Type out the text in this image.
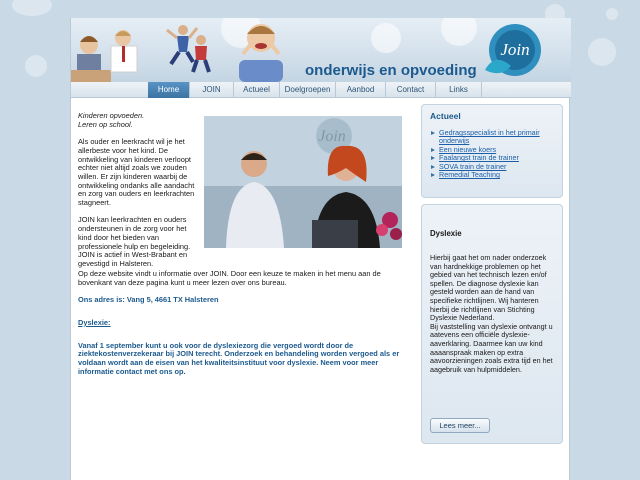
onderwijs en opvoeding
Join
Home	JOIN	Actueel	Doelgroepen	Aanbod	Contact	Links

Kinderen opvoeden.
Leren op school.

Als ouder en leerkracht wil je het allerbeste voor het kind. De ontwikkeling van kinderen verloopt echter niet altijd zoals we zouden willen. Er zijn kinderen waarbij de ontwikkeling ondanks alle aandacht en zorg van ouders en leerkrachten stagneert.

JOIN kan leerkrachten en ouders ondersteunen in de zorg voor het kind door het bieden van professionele hulp en begeleiding. JOIN is actief in West-Brabant en gevestigd in Halsteren.

Join

Op deze website vindt u informatie over JOIN. Door een keuze te maken in het menu aan de bovenkant van deze pagina kunt u meer lezen over ons bureau.

Ons adres is: Vang 5, 4661 TX Halsteren

Dyslexie:

Vanaf 1 september kunt u ook voor de dyslexiezorg die vergoed wordt door de ziektekostenverzekeraar bij JOIN terecht. Onderzoek en behandeling worden vergoed als er voldaan wordt aan de eisen van het kwaliteitsinstituut voor dyslexie. Neem voor meer informatie contact met ons op.

Actueel
Gedragsspecialist in het primair onderwijs
Een nieuwe koers
Faalangst train de trainer
SOVA train de trainer
Remedial Teaching
Dyslexie

Hierbij gaat het om nader onderzoek van hardnekkige problemen op het gebied van het technisch lezen en/of spellen. De diagnose dyslexie kan gesteld worden aan de hand van specifieke richtlijnen. Wij hanteren hierbij de richtlijnen van Stichting Dyslexie Nederland.

Bij vaststelling van dyslexie ontvangt u aatevens een officiële dyslexie-aaverklaring. Daarmee kan uw kind aaaanspraak maken op extra aavoorzieningen zoals extra tijd en het aagebruik van hulpmiddelen.

Lees meer...
